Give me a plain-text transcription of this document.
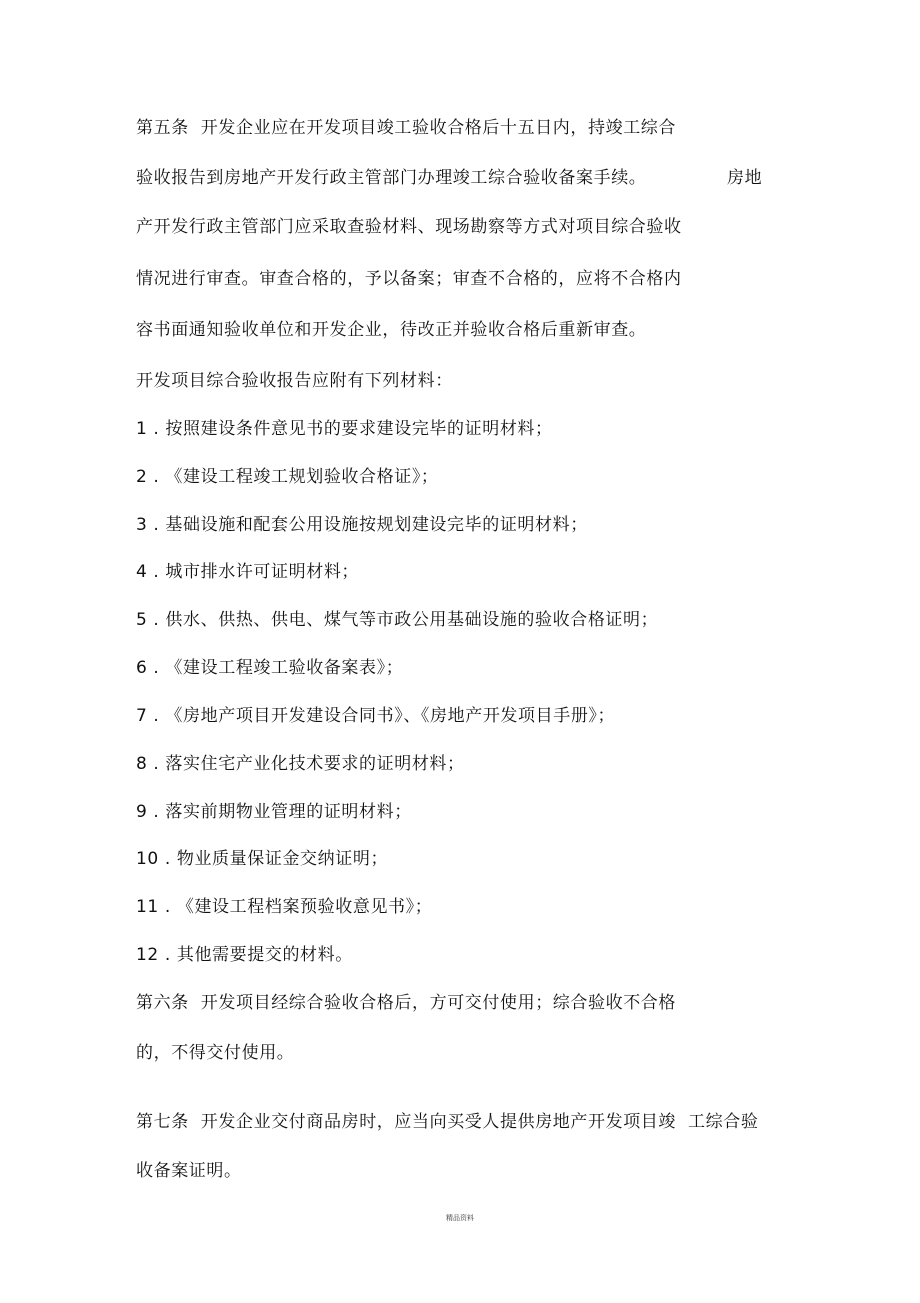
第五条  开发企业应在开发项目竣工验收合格后十五日内，持竣工综合
验收报告到房地产开发行政主管部门办理竣工综合验收备案手续。	房地
产开发行政主管部门应采取查验材料、现场勘察等方式对项目综合验收
情况进行审查。审查合格的，予以备案；审查不合格的，应将不合格内
容书面通知验收单位和开发企业，待改正并验收合格后重新审查。
开发项目综合验收报告应附有下列材料：
1 . 按照建设条件意见书的要求建设完毕的证明材料；
2 . 《建设工程竣工规划验收合格证》；
3 . 基础设施和配套公用设施按规划建设完毕的证明材料；
4 . 城市排水许可证明材料；
5 . 供水、供热、供电、煤气等市政公用基础设施的验收合格证明；
6 . 《建设工程竣工验收备案表》；
7 . 《房地产项目开发建设合同书》、《房地产开发项目手册》；
8 . 落实住宅产业化技术要求的证明材料；
9 . 落实前期物业管理的证明材料；
10 . 物业质量保证金交纳证明；
11 . 《建设工程档案预验收意见书》；
12 . 其他需要提交的材料。
第六条  开发项目经综合验收合格后，方可交付使用；综合验收不合格
的，不得交付使用。
第七条  开发企业交付商品房时，应当向买受人提供房地产开发项目竣  工综合验
收备案证明。
精品资料
